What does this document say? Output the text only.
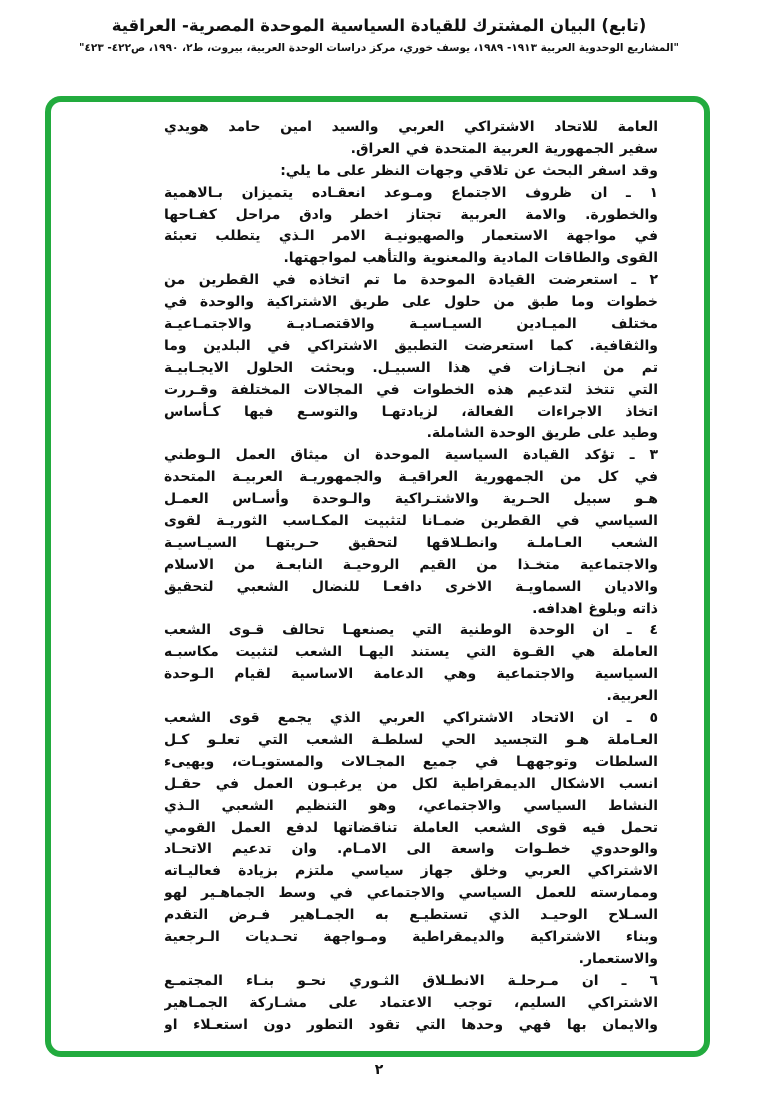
(تابع) البيان المشترك للقيادة السياسية الموحدة المصرية- العراقية
"المشاريع الوحدوية العربية ١٩١٣- ١٩٨٩، يوسف خوري، مركز دراسات الوحدة العربية، بيروت، ط٢، ١٩٩٠، ص٤٢٢- ٤٢٣"
العامة للاتحاد الاشتراكي العربي والسيد امين حامد هويدي
سفير الجمهورية العربية المتحدة في العراق.
وقد اسفر البحث عن تلاقي وجهات النظر على ما يلي:
١ ـ ان ظروف الاجتماع ومـوعد انعقـاده يتميزان بـالاهمية
والخطورة. والامة العربية تجتاز اخطر وادق مراحل كفـاحها
في مواجهة الاستعمار والصهيونيـة الامر الـذي يتطلب تعبئة
القوى والطاقات المادية والمعنوية والتأهب لمواجهتها.
٢ ـ استعرضت القيادة الموحدة ما تم اتخاذه في القطرين من
خطوات وما طبق من حلول على طريق الاشتراكية والوحدة في
مختلف الميـادين السيـاسيـة والاقتصـاديـة والاجتمـاعيـة
والثقافية. كما استعرضت التطبيق الاشتراكي في البلدين وما
تم من انجـازات في هذا السبيـل. وبحثت الحلول الايجـابيـة
التي تتخذ لتدعيم هذه الخطوات في المجالات المختلفة وقـررت
اتخاذ الاجراءات الفعالة، لزيادتهـا والتوسـع فيها كـأساس
وطيد على طريق الوحدة الشاملة.
٣ ـ تؤكد القيادة السياسية الموحدة ان ميثاق العمل الـوطني
في كل من الجمهورية العراقيـة والجمهوريـة العربيـة المتحدة
هـو سبيل الحـرية والاشتـراكية والـوحدة وأسـاس العمـل
السياسي في القطرين ضمـانا لتثبيت المكـاسب الثوريـة لقوى
الشعب العـاملـة وانطـلاقها لتحقيق حـريتهـا السيـاسيـة
والاجتماعية متخـذا من القيم الروحيـة النابعـة من الاسلام
والاديان السماويـة الاخرى دافعـا للنضال الشعبي لتحقيق
ذاته وبلوغ اهدافه.
٤ ـ ان الوحدة الوطنية التي يصنعهـا تحالف قـوى الشعب
العاملة هي القـوة التي يستند اليهـا الشعب لتثبيت مكاسبـه
السياسية والاجتماعية وهي الدعامة الاساسية لقيام الـوحدة
العربية.
٥ ـ ان الاتحاد الاشتراكي العربي الذي يجمع قوى الشعب
العـاملة هـو التجسيد الحي لسلطـة الشعب التي تعلـو كـل
السلطات وتوجههـا في جميع المجـالات والمستويـات، ويهيىء
انسب الاشكال الديمقراطية لكل من يرغبـون العمل في حقـل
النشاط السياسي والاجتماعي، وهو التنظيم الشعبي الـذي
تحمل فيه قوى الشعب العاملة تناقضاتها لدفع العمل القومي
والوحدوي خطـوات واسعة الى الامـام. وان تدعيم الاتحـاد
الاشتراكي العربي وخلق جهاز سياسي ملتزم بزيادة فعاليـاته
وممارسته للعمل السياسي والاجتماعي في وسط الجماهـير لهو
السـلاح الوحيـد الذي تستطيـع به الجمـاهير فـرض التقدم
وبناء الاشتراكية والديمقراطية ومـواجهة تحـديات الـرجعية
والاستعمار.
٦ ـ ان مـرحلـة الانطـلاق الثـوري نحـو بنـاء المجتمـع
الاشتراكي السليم، توجب الاعتماد على مشـاركة الجمـاهير
والايمان بها فهي وحدها التي تقود التطور دون استعـلاء او
٢
